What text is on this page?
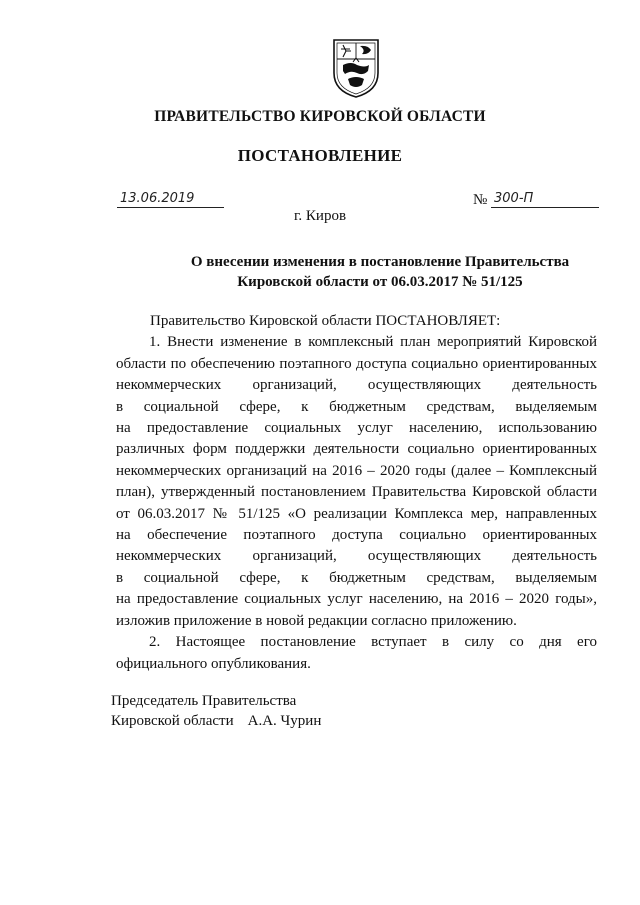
ПРАВИТЕЛЬСТВО КИРОВСКОЙ ОБЛАСТИ
ПОСТАНОВЛЕНИЕ
13.06.2019	№ 300-П
г. Киров
О внесении изменения в постановление Правительства
Кировской области от 06.03.2017 № 51/125
Правительство Кировской области ПОСТАНОВЛЯЕТ:
1. Внести изменение в комплексный план мероприятий Кировской
области по обеспечению поэтапного доступа социально ориентированных
некоммерческих организаций, осуществляющих деятельность
в социальной сфере, к бюджетным средствам, выделяемым
на предоставление социальных услуг населению, использованию
различных форм поддержки деятельности социально ориентированных
некоммерческих организаций на 2016 – 2020 годы (далее – Комплексный
план), утвержденный постановлением Правительства Кировской области
от 06.03.2017 № 51/125 «О реализации Комплекса мер, направленных
на обеспечение поэтапного доступа социально ориентированных
некоммерческих организаций, осуществляющих деятельность
в социальной сфере, к бюджетным средствам, выделяемым
на предоставление социальных услуг населению, на 2016 – 2020 годы»,
изложив приложение в новой редакции согласно приложению.
2. Настоящее постановление вступает в силу со дня его
официального опубликования.
Председатель Правительства
Кировской области А.А. Чурин
